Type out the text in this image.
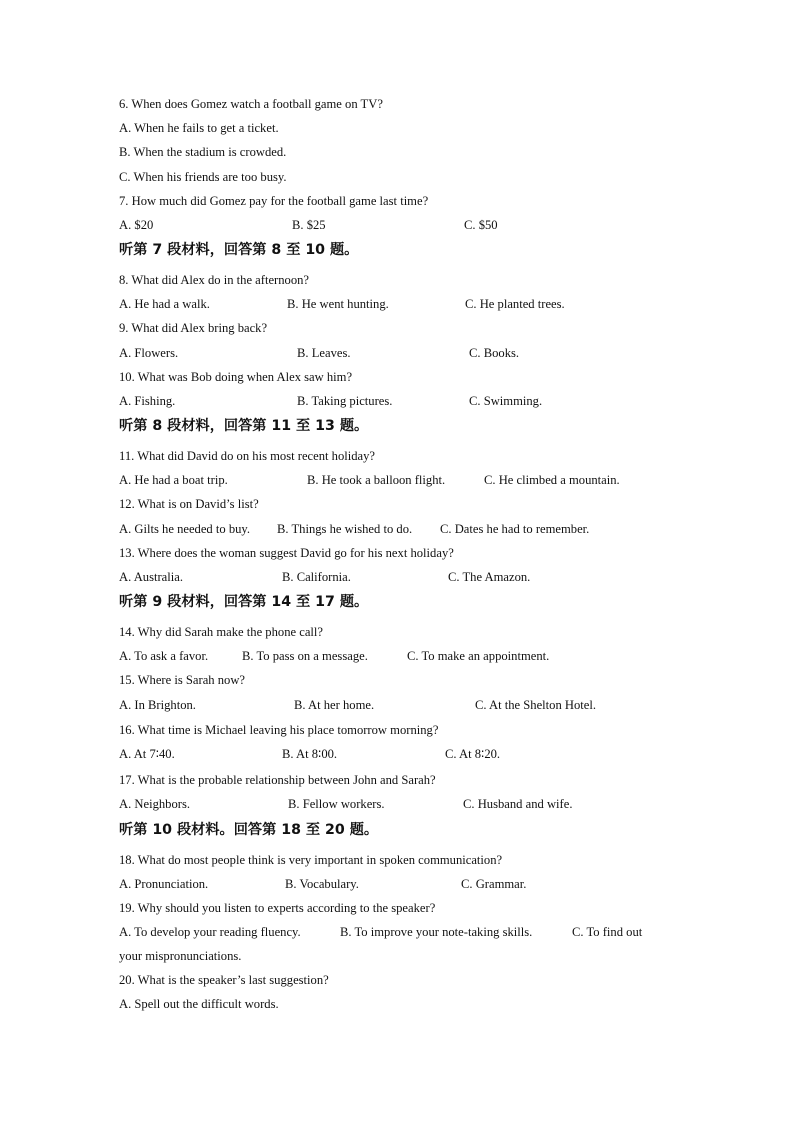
6. When does Gomez watch a football game on TV?
A. When he fails to get a ticket.
B. When the stadium is crowded.
C. When his friends are too busy.
7. How much did Gomez pay for the football game last time?
A. $20	B. $25	C. $50
听第 7 段材料，回答第 8 至 10 题。
8. What did Alex do in the afternoon?
A. He had a walk.	B. He went hunting.	C. He planted trees.
9. What did Alex bring back?
A. Flowers.	B. Leaves.	C. Books.
10. What was Bob doing when Alex saw him?
A. Fishing.	B. Taking pictures.	C. Swimming.
听第 8 段材料，回答第 11 至 13 题。
11. What did David do on his most recent holiday?
A. He had a boat trip.	B. He took a balloon flight.	C. He climbed a mountain.
12. What is on David’s list?
A. Gilts he needed to buy. B. Things he wished to do. C. Dates he had to remember.
13. Where does the woman suggest David go for his next holiday?
A. Australia.	B. California.	C. The Amazon.
听第 9 段材料，回答第 14 至 17 题。
14. Why did Sarah make the phone call?
A. To ask a favor.	B. To pass on a message.	C. To make an appointment.
15. Where is Sarah now?
A. In Brighton.	B. At her home.	C. At the Shelton Hotel.
16. What time is Michael leaving his place tomorrow morning?
A. At 7∶40.	B. At 8∶00.	C. At 8∶20.
17. What is the probable relationship between John and Sarah?
A. Neighbors.	B. Fellow workers.	C. Husband and wife.
听第 10 段材料。回答第 18 至 20 题。
18. What do most people think is very important in spoken communication?
A. Pronunciation.	B. Vocabulary.	C. Grammar.
19. Why should you listen to experts according to the speaker?
A. To develop your reading fluency.	B. To improve your note-taking skills.	C. To find out
your mispronunciations.
20. What is the speaker’s last suggestion?
A. Spell out the difficult words.
